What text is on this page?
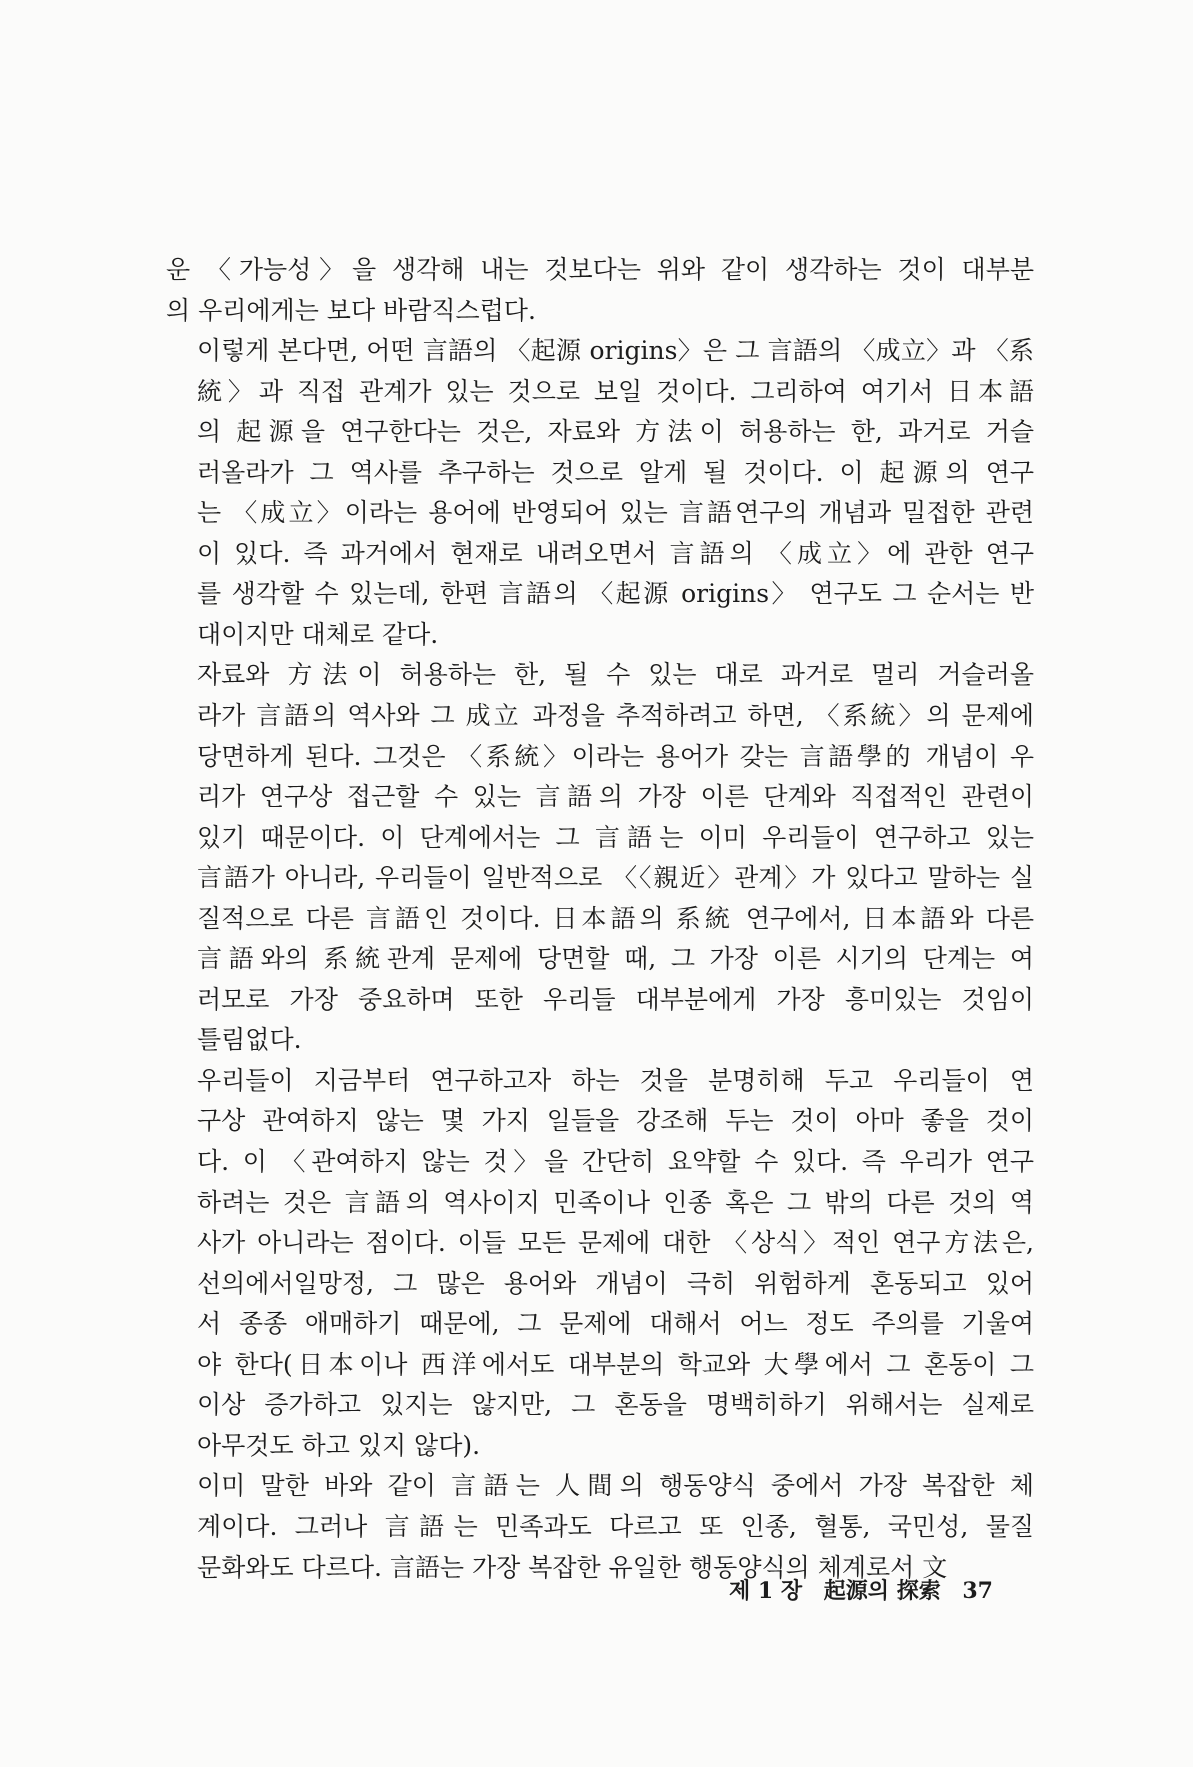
운 〈가능성〉을 생각해 내는 것보다는 위와 같이 생각하는 것이 대부분
의 우리에게는 보다 바람직스럽다.
이렇게 본다면, 어떤 言語의 〈起源 origins〉은 그 言語의 〈成立〉과 〈系
統〉과 직접 관계가 있는 것으로 보일 것이다. 그리하여 여기서 日本語
의 起源을 연구한다는 것은, 자료와 方法이 허용하는 한, 과거로 거슬
러올라가 그 역사를 추구하는 것으로 알게 될 것이다. 이 起源의 연구
는 〈成立〉이라는 용어에 반영되어 있는 言語연구의 개념과 밀접한 관련
이 있다. 즉 과거에서 현재로 내려오면서 言語의 〈成立〉에 관한 연구
를 생각할 수 있는데, 한편 言語의 〈起源 origins〉 연구도 그 순서는 반
대이지만 대체로 같다.
자료와 方法이 허용하는 한, 될 수 있는 대로 과거로 멀리 거슬러올
라가 言語의 역사와 그 成立 과정을 추적하려고 하면, 〈系統〉의 문제에
당면하게 된다. 그것은 〈系統〉이라는 용어가 갖는 言語學的 개념이 우
리가 연구상 접근할 수 있는 言語의 가장 이른 단계와 직접적인 관련이
있기 때문이다. 이 단계에서는 그 言語는 이미 우리들이 연구하고 있는
言語가 아니라, 우리들이 일반적으로 〈〈親近〉관계〉가 있다고 말하는 실
질적으로 다른 言語인 것이다. 日本語의 系統 연구에서, 日本語와 다른
言語와의 系統관계 문제에 당면할 때, 그 가장 이른 시기의 단계는 여
러모로 가장 중요하며 또한 우리들 대부분에게 가장 흥미있는 것임이
틀림없다.
우리들이 지금부터 연구하고자 하는 것을 분명히해 두고 우리들이 연
구상 관여하지 않는 몇 가지 일들을 강조해 두는 것이 아마 좋을 것이
다. 이 〈관여하지 않는 것〉을 간단히 요약할 수 있다. 즉 우리가 연구
하려는 것은 言語의 역사이지 민족이나 인종 혹은 그 밖의 다른 것의 역
사가 아니라는 점이다. 이들 모든 문제에 대한 〈상식〉적인 연구方法은,
선의에서일망정, 그 많은 용어와 개념이 극히 위험하게 혼동되고 있어
서 종종 애매하기 때문에, 그 문제에 대해서 어느 정도 주의를 기울여
야 한다(日本이나 西洋에서도 대부분의 학교와 大學에서 그 혼동이 그
이상 증가하고 있지는 않지만, 그 혼동을 명백히하기 위해서는 실제로
아무것도 하고 있지 않다).
이미 말한 바와 같이 言語는 人間의 행동양식 중에서 가장 복잡한 체
계이다. 그러나 言語는 민족과도 다르고 또 인종, 혈통, 국민성, 물질
문화와도 다르다. 言語는 가장 복잡한 유일한 행동양식의 체계로서 文
제 1 장 起源의 探索 37
